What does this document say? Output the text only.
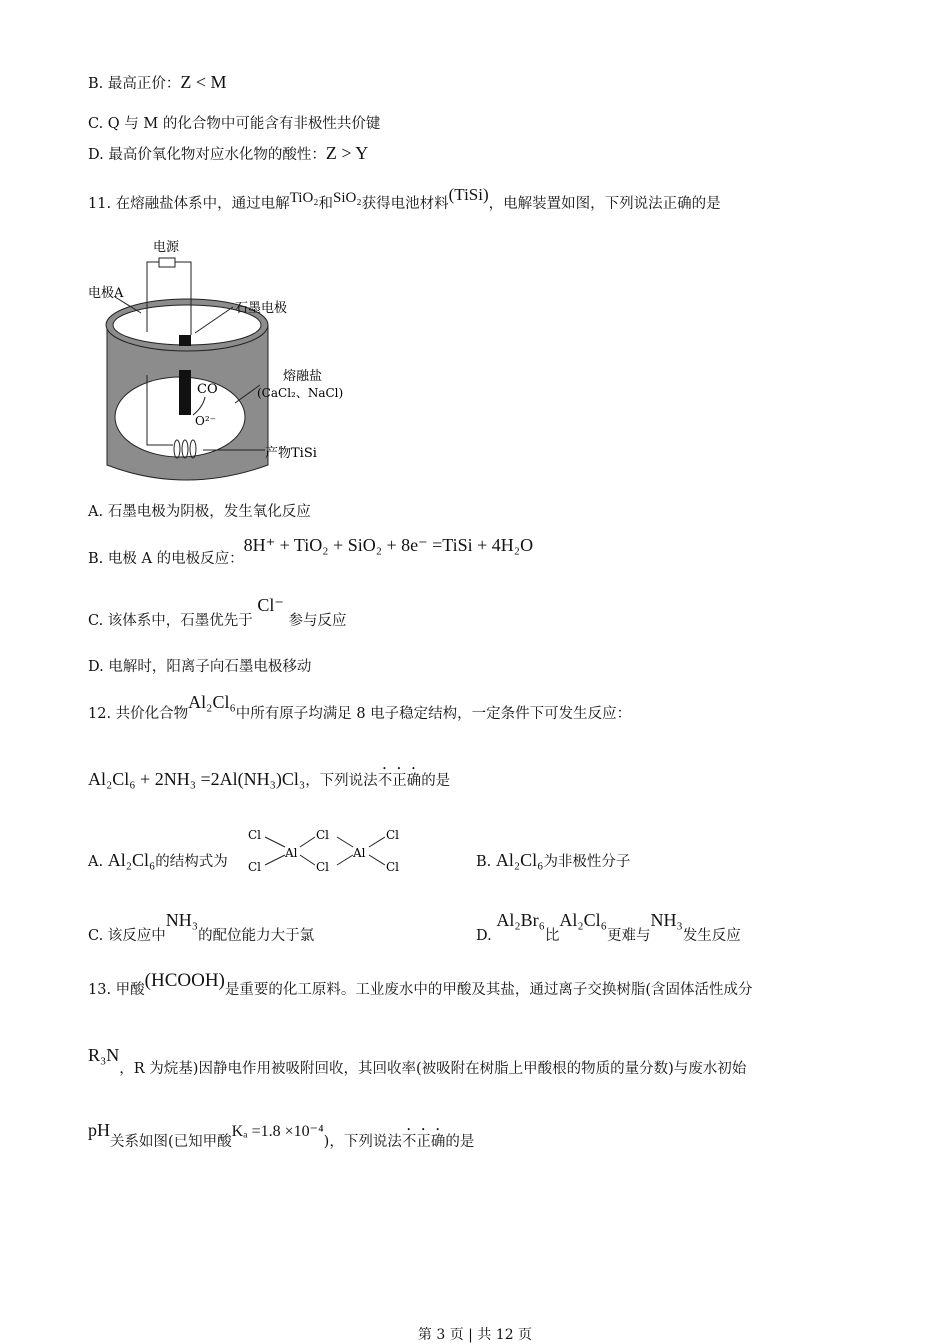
B. 最高正价：Z < M
C. Q 与 M 的化合物中可能含有非极性共价键
D. 最高价氧化物对应水化物的酸性：Z > Y
11. 在熔融盐体系中，通过电解TiO₂和SiO₂获得电池材料(TiSi)，电解装置如图，下列说法正确的是
电源
电极A
石墨电极
熔融盐
(CaCl₂、NaCl)
CO
O²⁻
产物TiSi
A. 石墨电极为阴极，发生氧化反应
B. 电极 A 的电极反应：8H⁺ + TiO₂ + SiO₂ + 8e⁻ =TiSi + 4H₂O
C. 该体系中，石墨优先于 Cl⁻ 参与反应
D. 电解时，阳离子向石墨电极移动
12. 共价化合物Al₂Cl₆中所有原子均满足 8 电子稳定结构，一定条件下可发生反应：
Al₂Cl₆ + 2NH₃ =2Al(NH₃)Cl₃，下列说法不正确的是
A. Al₂Cl₆的结构式为
Cl
Cl
Al
Cl
Cl
Al
Cl
Cl	B. Al₂Cl₆为非极性分子
C. 该反应中NH₃的配位能力大于氯	D. Al₂Br₆比Al₂Cl₆更难与NH₃发生反应
13. 甲酸(HCOOH)是重要的化工原料。工业废水中的甲酸及其盐，通过离子交换树脂(含固体活性成分
R₃N，R 为烷基)因静电作用被吸附回收，其回收率(被吸附在树脂上甲酸根的物质的量分数)与废水初始
pH关系如图(已知甲酸Kₐ =1.8 ×10⁻⁴)，下列说法不正确的是
第 3 页 | 共 12 页
